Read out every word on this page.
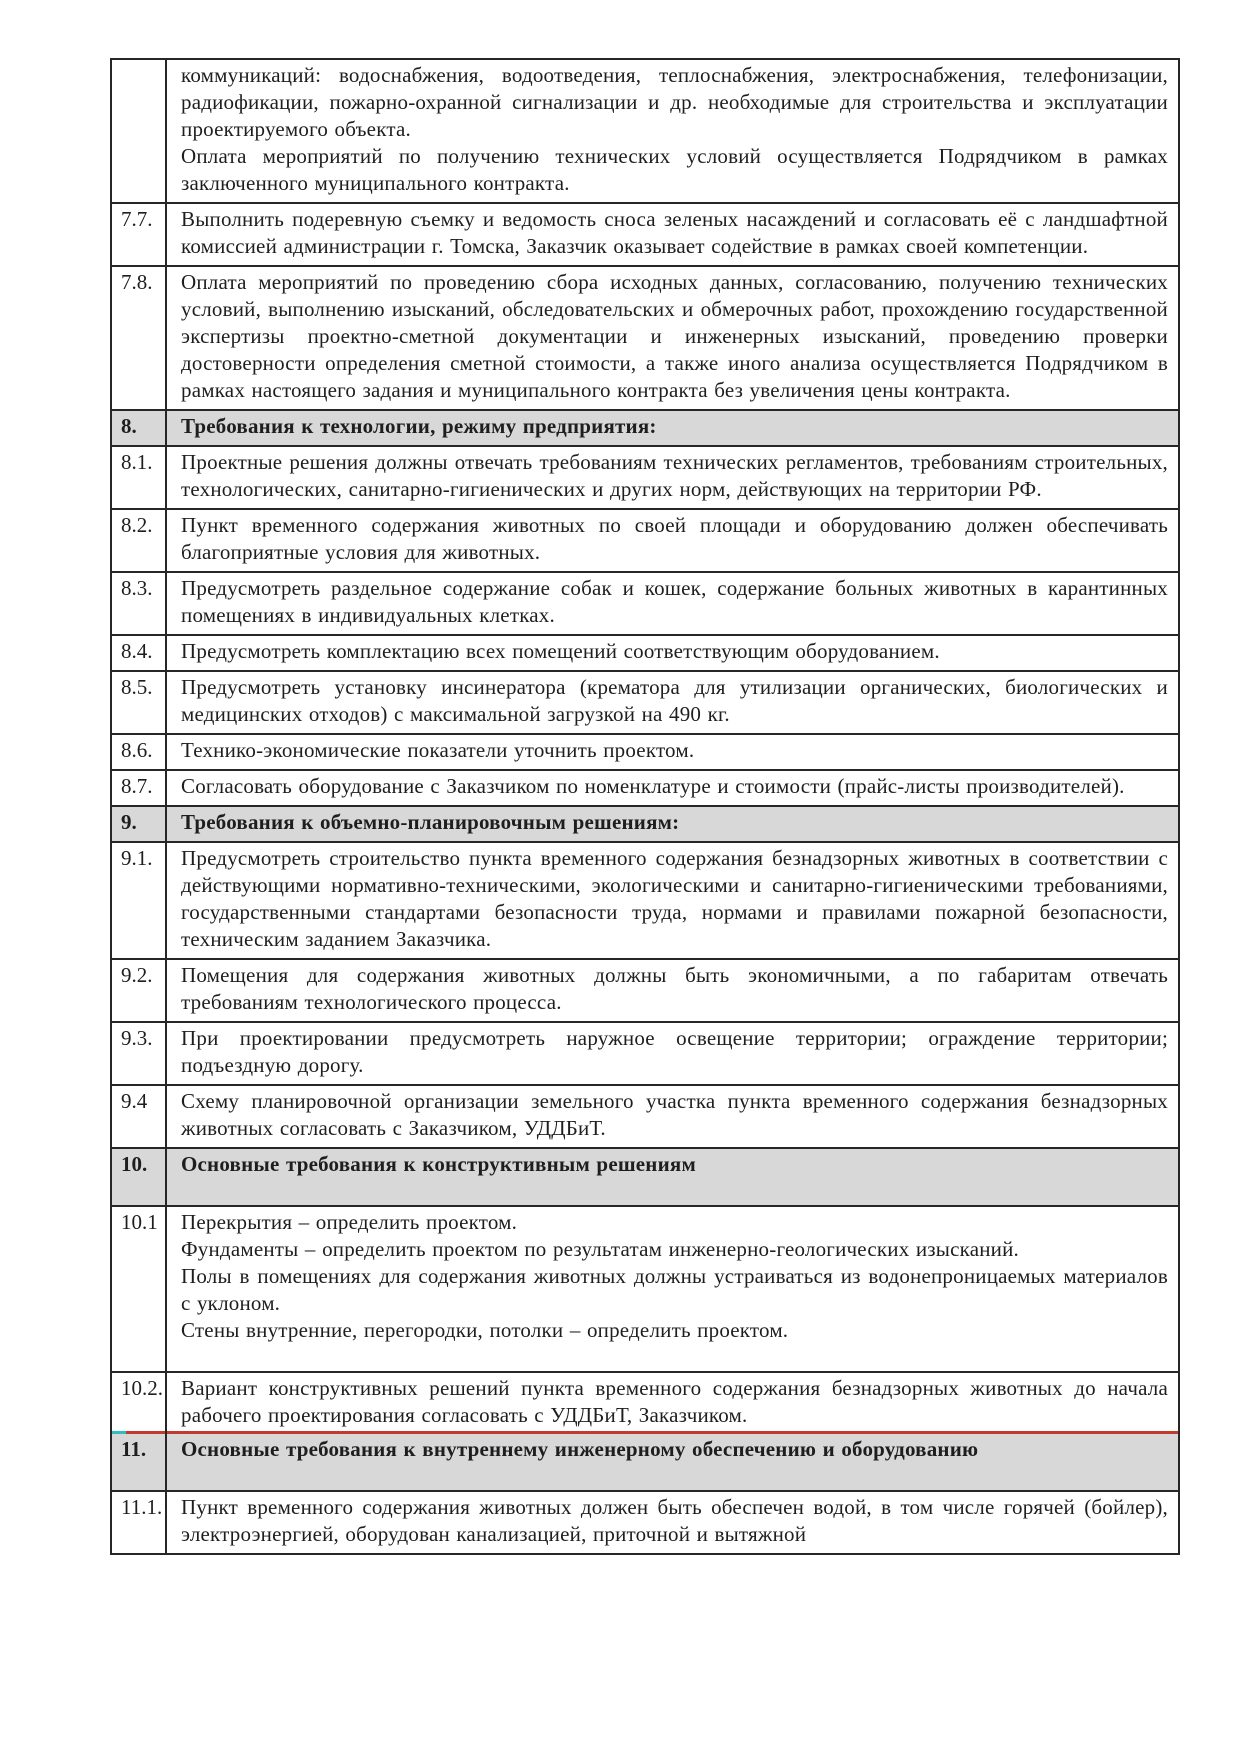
	коммуникаций: водоснабжения, водоотведения, теплоснабжения, электроснабжения, телефонизации, радиофикации, пожарно-охранной сигнализации и др. необходимые для строительства и эксплуатации проектируемого объекта.

Оплата мероприятий по получению технических условий осуществляется Подрядчиком в рамках заключенного муниципального контракта.

7.7.	Выполнить подеревную съемку и ведомость сноса зеленых насаждений и согласовать её с ландшафтной комиссией администрации г. Томска, Заказчик оказывает содействие в рамках своей компетенции.

7.8.	Оплата мероприятий по проведению сбора исходных данных, согласованию, получению технических условий, выполнению изысканий, обследовательских и обмерочных работ, прохождению государственной экспертизы проектно-сметной документации и инженерных изысканий, проведению проверки достоверности определения сметной стоимости, а также иного анализа осуществляется Подрядчиком в рамках настоящего задания и муниципального контракта без увеличения цены контракта.

8.	Требования к технологии, режиму предприятия:

8.1.	Проектные решения должны отвечать требованиям технических регламентов, требованиям строительных, технологических, санитарно-гигиенических и других норм, действующих на территории РФ.

8.2.	Пункт временного содержания животных по своей площади и оборудованию должен обеспечивать благоприятные условия для животных.

8.3.	Предусмотреть раздельное содержание собак и кошек, содержание больных животных в карантинных помещениях в индивидуальных клетках.

8.4.	Предусмотреть комплектацию всех помещений соответствующим оборудованием.

8.5.	Предусмотреть установку инсинератора (крематора для утилизации органических, биологических и медицинских отходов) с максимальной загрузкой на 490 кг.

8.6.	Технико-экономические показатели уточнить проектом.

8.7.	Согласовать оборудование с Заказчиком по номенклатуре и стоимости (прайс-листы производителей).

9.	Требования к объемно-планировочным решениям:

9.1.	Предусмотреть строительство пункта временного содержания безнадзорных животных в соответствии с действующими нормативно-техническими, экологическими и санитарно-гигиеническими требованиями, государственными стандартами безопасности труда, нормами и правилами пожарной безопасности, техническим заданием Заказчика.

9.2.	Помещения для содержания животных должны быть экономичными, а по габаритам отвечать требованиям технологического процесса.

9.3.	При проектировании предусмотреть наружное освещение территории; ограждение территории; подъездную дорогу.

9.4	Схему планировочной организации земельного участка пункта временного содержания безнадзорных животных согласовать с Заказчиком, УДДБиТ.

10.	Основные требования к конструктивным решениям

10.1	Перекрытия – определить проектом.

Фундаменты – определить проектом по результатам инженерно-геологических изысканий.

Полы в помещениях для содержания животных должны устраиваться из водонепроницаемых материалов с уклоном.

Стены внутренние, перегородки, потолки – определить проектом.

10.2.	Вариант конструктивных решений пункта временного содержания безнадзорных животных до начала рабочего проектирования согласовать с УДДБиТ, Заказчиком.

11.	Основные требования к внутреннему инженерному обеспечению и оборудованию

11.1.	Пункт временного содержания животных должен быть обеспечен водой, в том числе горячей (бойлер), электроэнергией, оборудован канализацией, приточной и вытяжной
